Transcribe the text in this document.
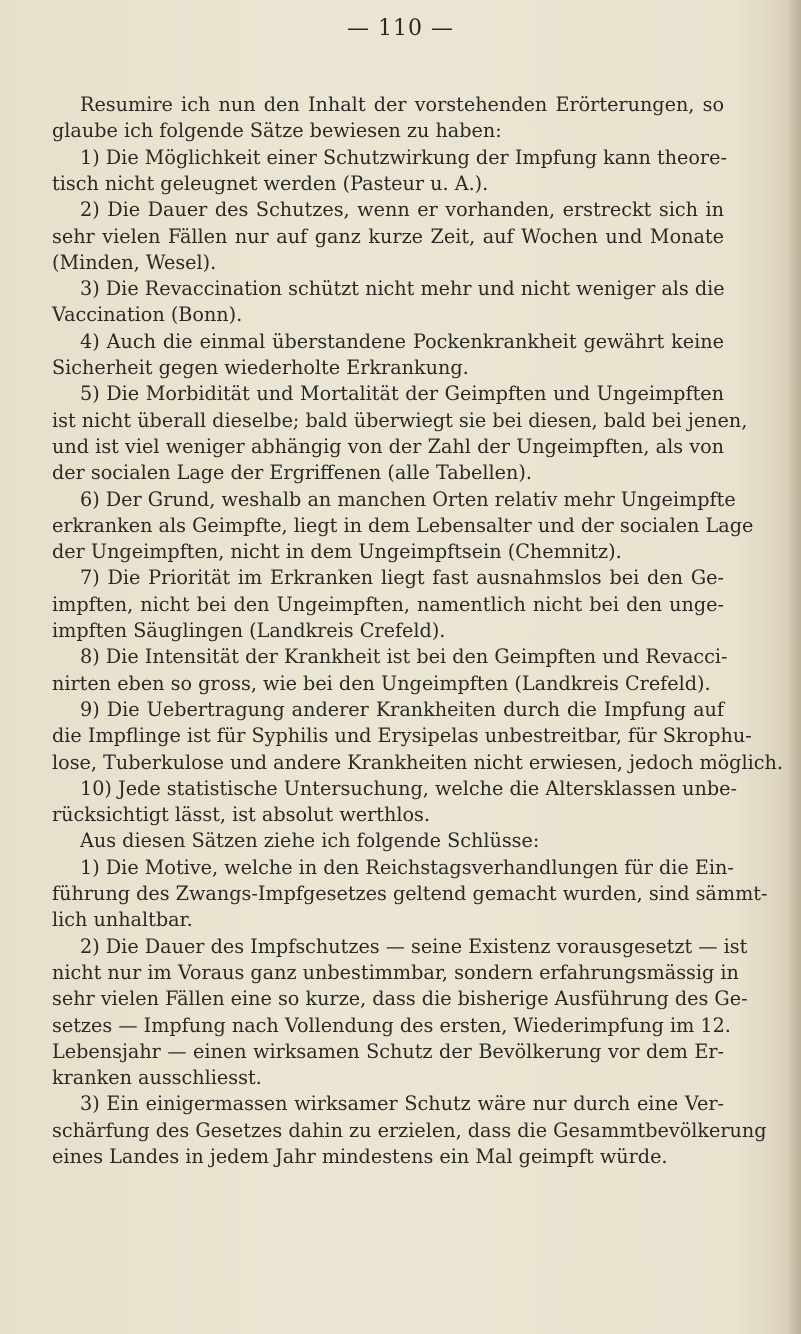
— 110 —
Resumire ich nun den Inhalt der vorstehenden Erörterungen, so
glaube ich folgende Sätze bewiesen zu haben:
1) Die Möglichkeit einer Schutzwirkung der Impfung kann theore-
tisch nicht geleugnet werden (Pasteur u. A.).
2) Die Dauer des Schutzes, wenn er vorhanden, erstreckt sich in
sehr vielen Fällen nur auf ganz kurze Zeit, auf Wochen und Monate
(Minden, Wesel).
3) Die Revaccination schützt nicht mehr und nicht weniger als die
Vaccination (Bonn).
4) Auch die einmal überstandene Pockenkrankheit gewährt keine
Sicherheit gegen wiederholte Erkrankung.
5) Die Morbidität und Mortalität der Geimpften und Ungeimpften
ist nicht überall dieselbe; bald überwiegt sie bei diesen, bald bei jenen,
und ist viel weniger abhängig von der Zahl der Ungeimpften, als von
der socialen Lage der Ergriffenen (alle Tabellen).
6) Der Grund, weshalb an manchen Orten relativ mehr Ungeimpfte
erkranken als Geimpfte, liegt in dem Lebensalter und der socialen Lage
der Ungeimpften, nicht in dem Ungeimpftsein (Chemnitz).
7) Die Priorität im Erkranken liegt fast ausnahmslos bei den Ge-
impften, nicht bei den Ungeimpften, namentlich nicht bei den unge-
impften Säuglingen (Landkreis Crefeld).
8) Die Intensität der Krankheit ist bei den Geimpften und Revacci-
nirten eben so gross, wie bei den Ungeimpften (Landkreis Crefeld).
9) Die Uebertragung anderer Krankheiten durch die Impfung auf
die Impflinge ist für Syphilis und Erysipelas unbestreitbar, für Skrophu-
lose, Tuberkulose und andere Krankheiten nicht erwiesen, jedoch möglich.
10) Jede statistische Untersuchung, welche die Altersklassen unbe-
rücksichtigt lässt, ist absolut werthlos.
Aus diesen Sätzen ziehe ich folgende Schlüsse:
1) Die Motive, welche in den Reichstagsverhandlungen für die Ein-
führung des Zwangs-Impfgesetzes geltend gemacht wurden, sind sämmt-
lich unhaltbar.
2) Die Dauer des Impfschutzes — seine Existenz vorausgesetzt — ist
nicht nur im Voraus ganz unbestimmbar, sondern erfahrungsmässig in
sehr vielen Fällen eine so kurze, dass die bisherige Ausführung des Ge-
setzes — Impfung nach Vollendung des ersten, Wiederimpfung im 12.
Lebensjahr — einen wirksamen Schutz der Bevölkerung vor dem Er-
kranken ausschliesst.
3) Ein einigermassen wirksamer Schutz wäre nur durch eine Ver-
schärfung des Gesetzes dahin zu erzielen, dass die Gesammtbevölkerung
eines Landes in jedem Jahr mindestens ein Mal geimpft würde.
